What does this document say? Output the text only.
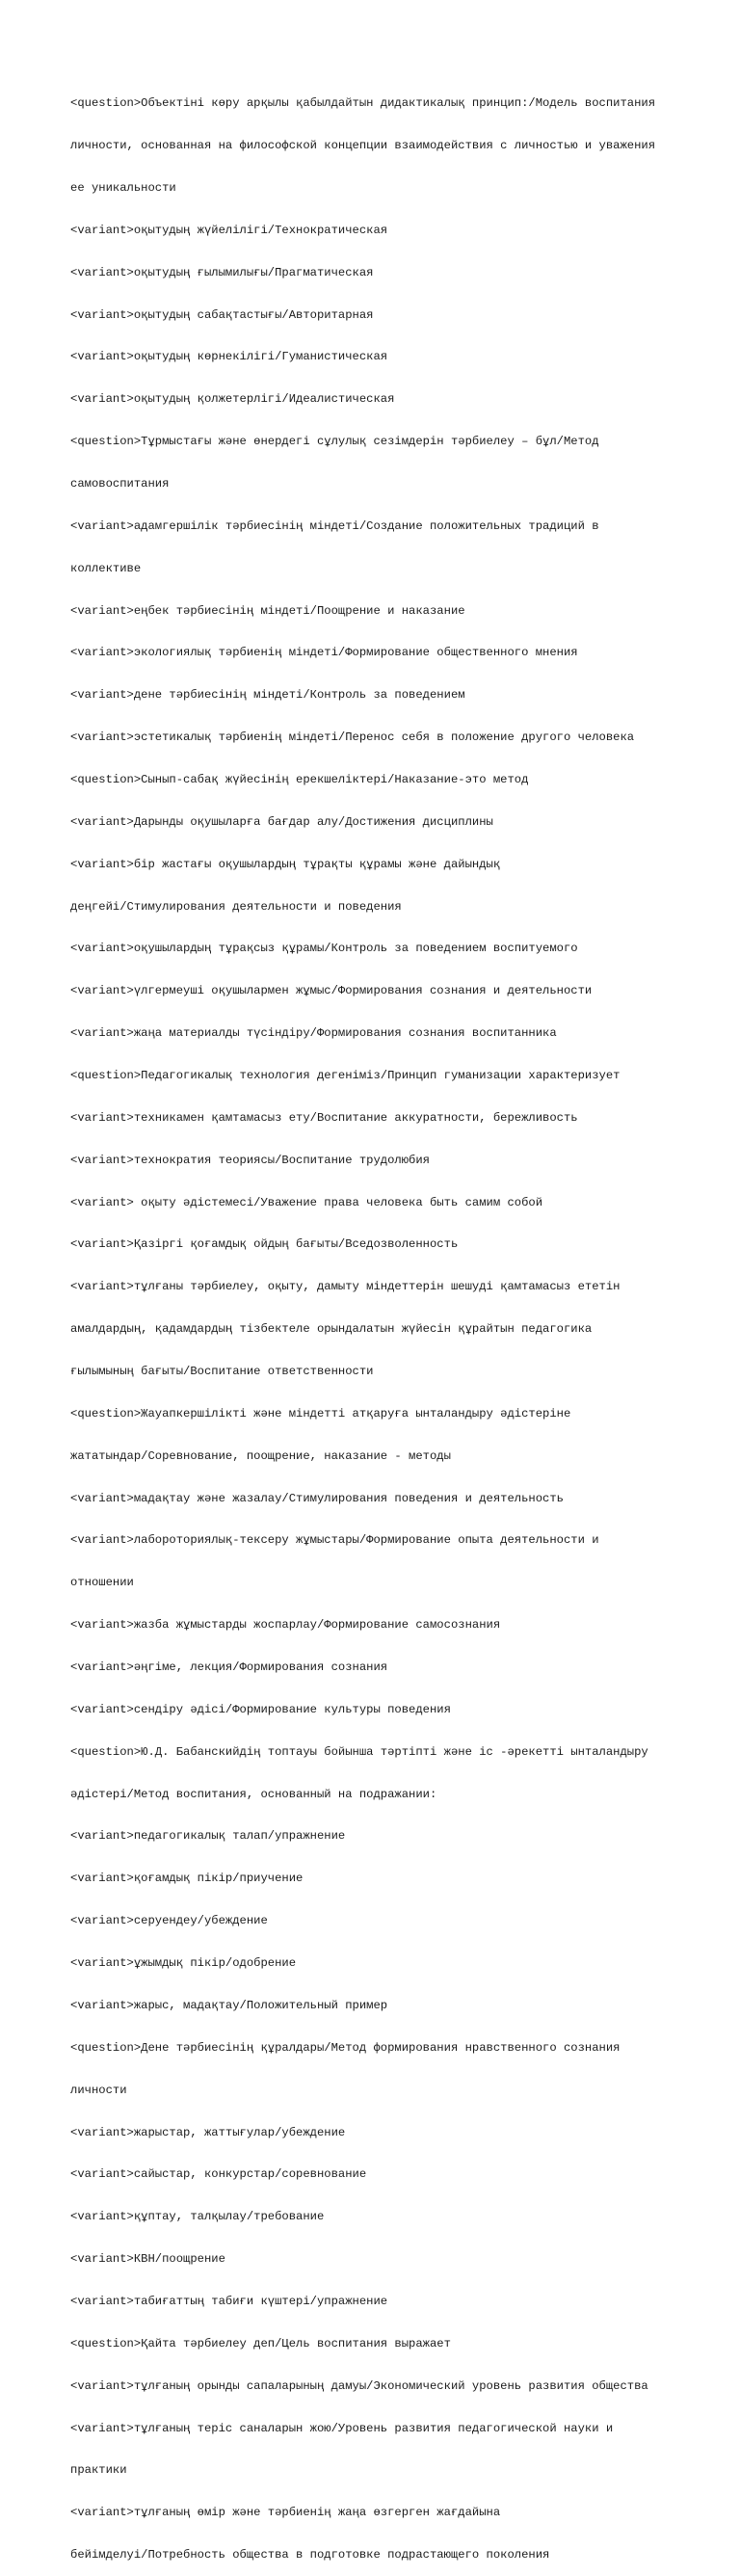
<question>Объектіні көру арқылы қабылдайтын дидактикалық принцип:/Модель воспитания

личности, основанная на философской концепции взаимодействия с личностью и уважения

ее уникальности

<variant>оқытудың жүйелілігі/Технократическая

<variant>оқытудың ғылымилығы/Прагматическая

<variant>оқытудың сабақтастығы/Авторитарная

<variant>оқытудың көрнекілігі/Гуманистическая

<variant>оқытудың қолжетерлігі/Идеалистическая

<question>Тұрмыстағы және өнердегі сұлулық сезімдерін тәрбиелеу – бұл/Метод

самовоспитания

<variant>адамгершілік тәрбиесінің міндеті/Создание положительных традиций в

коллективе

<variant>еңбек тәрбиесінің міндеті/Поощрение и наказание

<variant>экологиялық тәрбиенің міндеті/Формирование общественного мнения

<variant>дене тәрбиесінің міндеті/Контроль за поведением

<variant>эстетикалық тәрбиенің міндеті/Перенос себя в положение другого человека

<question>Сынып-сабақ жүйесінің ерекшеліктері/Наказание-это метод

<variant>Дарынды оқушыларға бағдар алу/Достижения дисциплины

<variant>бір жастағы оқушылардың тұрақты құрамы және дайындық

деңгейі/Стимулирования деятельности и поведения

<variant>оқушылардың тұрақсыз құрамы/Контроль за поведением воспитуемого

<variant>үлгермеуші оқушылармен жұмыс/Формирования сознания и деятельности

<variant>жаңа материалды түсіндіру/Формирования сознания воспитанника

<question>Педагогикалық технология дегеніміз/Принцип гуманизации характеризует

<variant>техникамен қамтамасыз ету/Воспитание аккуратности, бережливость

<variant>технократия теориясы/Воспитание трудолюбия

<variant> оқыту әдістемесі/Уважение права человека быть самим собой

<variant>Қазіргі қоғамдық ойдың бағыты/Вседозволенность

<variant>тұлғаны тәрбиелеу, оқыту, дамыту міндеттерін шешуді қамтамасыз ететін

амалдардың, қадамдардың тізбектеле орындалатын жүйесін құрайтын педагогика

ғылымының бағыты/Воспитание ответственности

<question>Жауапкершілікті және міндетті атқаруға ынталандыру әдістеріне

жататындар/Соревнование, поощрение, наказание - методы

<variant>мадақтау және жазалау/Стимулирования поведения и деятельность

<variant>лабороториялық-тексеру жұмыстары/Формирование опыта деятельности и

отношении

<variant>жазба жұмыстарды жоспарлау/Формирование самосознания

<variant>әңгіме, лекция/Формирования сознания

<variant>сендіру әдісі/Формирование культуры поведения

<question>Ю.Д. Бабанскийдің топтауы бойынша тәртіпті және іс -әрекетті ынталандыру

әдістері/Метод воспитания, основанный на подражании:

<variant>педагогикалық талап/упражнение

<variant>қоғамдық пікір/приучение

<variant>серуендеу/убеждение

<variant>ұжымдық пікір/одобрение

<variant>жарыс, мадақтау/Положительный пример

<question>Дене тәрбиесінің құралдары/Метод формирования нравственного сознания

личности

<variant>жарыстар, жаттығулар/убеждение

<variant>сайыстар, конкурстар/соревнование

<variant>құптау, талқылау/требование

<variant>КВН/поощрение

<variant>табиғаттың табиғи күштері/упражнение

<question>Қайта тәрбиелеу деп/Цель воспитания выражает

<variant>тұлғаның орынды сапаларының дамуы/Экономический уровень развития общества

<variant>тұлғаның теріс саналарын жою/Уровень развития педагогической науки и

практики

<variant>тұлғаның өмір және тәрбиенің жаңа өзгерген жағдайына

бейімделуі/Потребность общества в подготовке подрастающего поколения
